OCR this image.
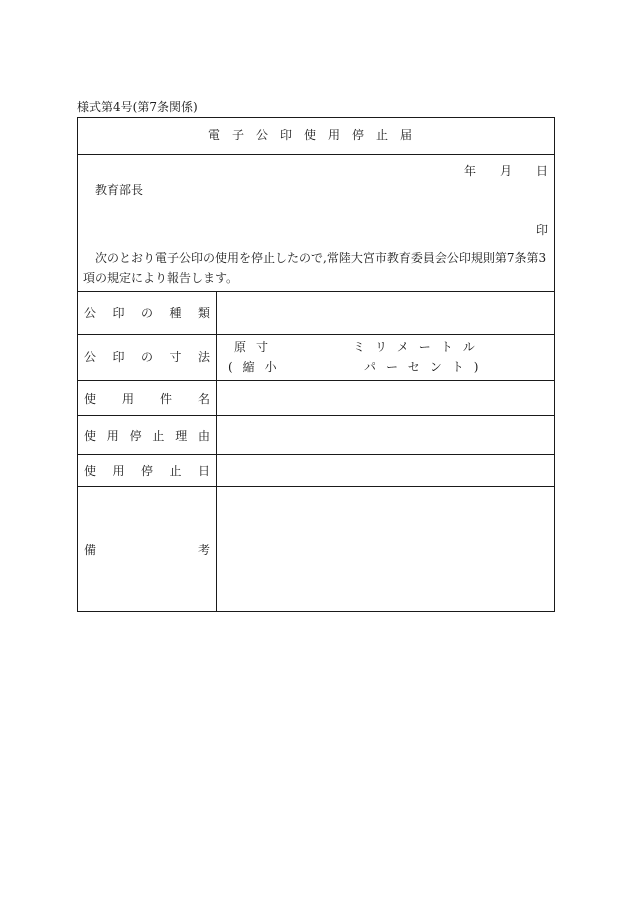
様式第4号(第7条関係)
電子公印使用停止届
年 月 日
教育部長
印
次のとおり電子公印の使用を停止したので,常陸大宮市教育委員会公印規則第7条第3項の規定により報告します。
公 印 の 種 類
公 印 の 寸 法
原寸	ミリメートル
(縮小	パーセント)
使 用 件 名
使 用 停 止 理 由
使 用 停 止 日
備	考
